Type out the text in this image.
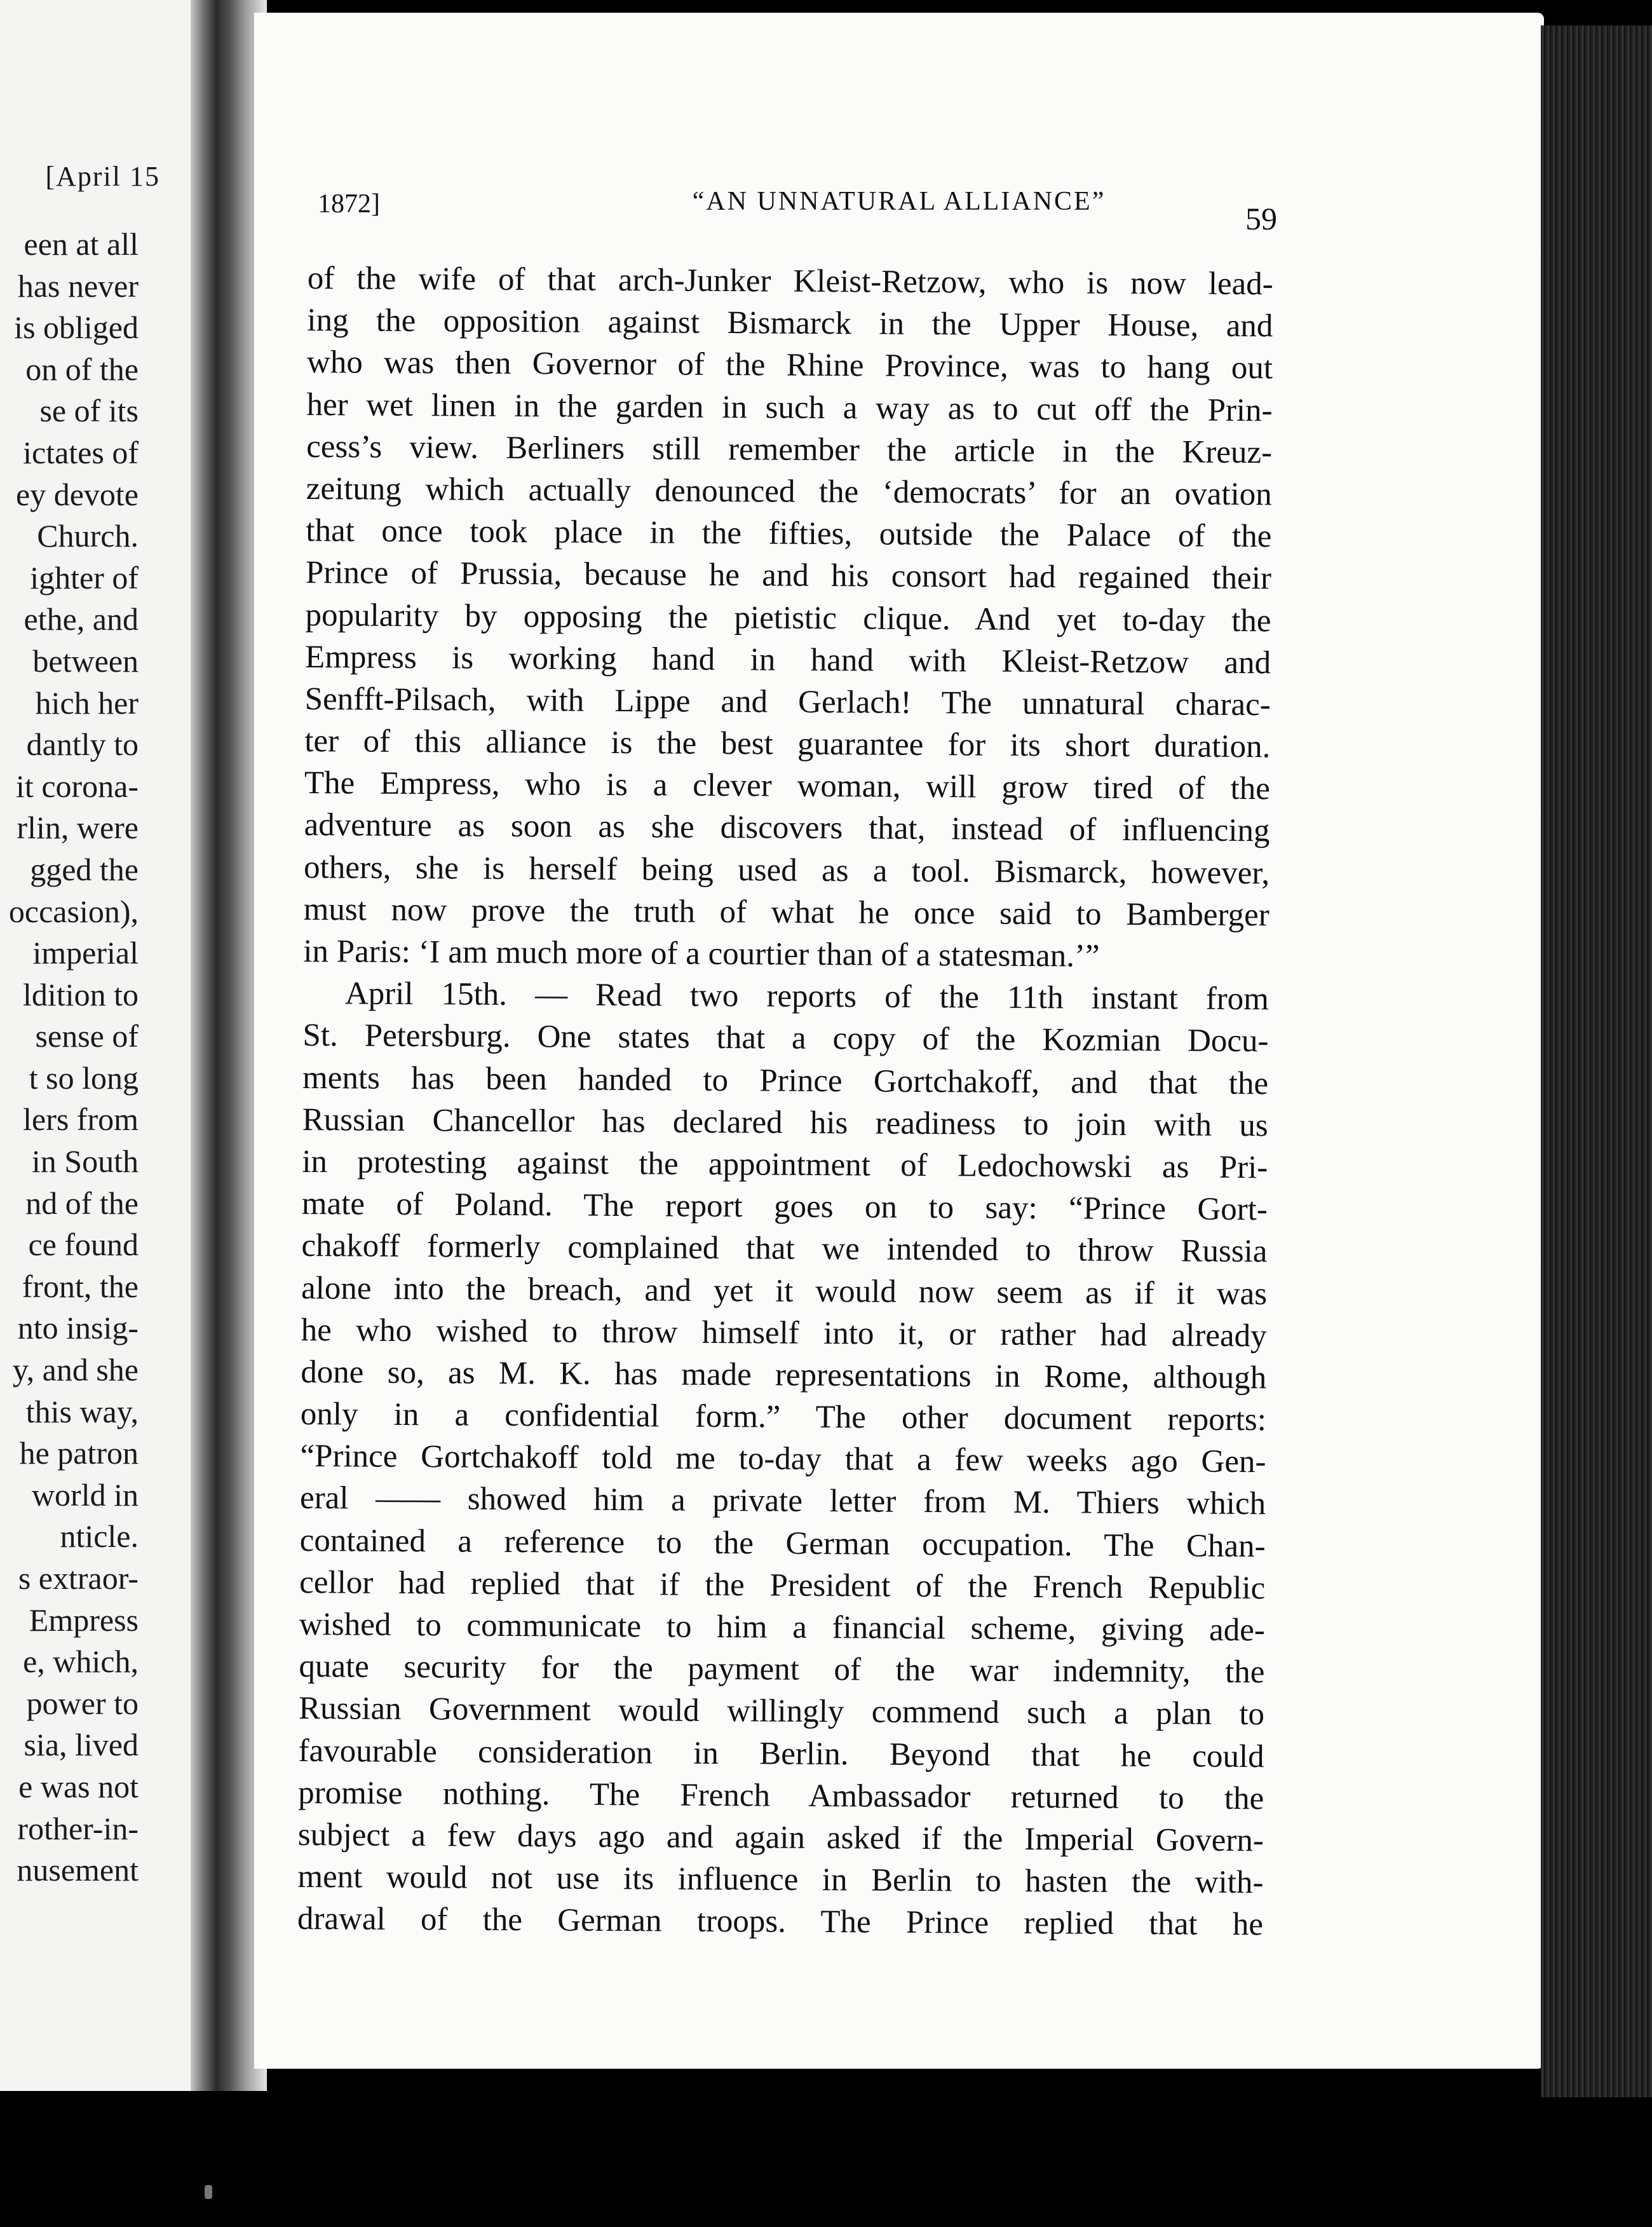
[April 15
een at all
has never
is obliged
on of the
se of its
ictates of
ey devote
Church.
ighter of
ethe, and
between
hich her
dantly to
it corona-
rlin, were
gged the
occasion),
imperial
ldition to
sense of
t so long
lers from
in South
nd of the
ce found
front, the
nto insig-
y, and she
this way,
he patron
world in
nticle.
s extraor-
Empress
e, which,
power to
sia, lived
e was not
rother-in-
nusement
1872]	“AN UNNATURAL ALLIANCE”	59
of the wife of that arch-Junker Kleist-Retzow, who is now lead-
ing the opposition against Bismarck in the Upper House, and
who was then Governor of the Rhine Province, was to hang out
her wet linen in the garden in such a way as to cut off the Prin-
cess’s view. Berliners still remember the article in the Kreuz-
zeitung which actually denounced the ‘democrats’ for an ovation
that once took place in the fifties, outside the Palace of the
Prince of Prussia, because he and his consort had regained their
popularity by opposing the pietistic clique. And yet to-day the
Empress is working hand in hand with Kleist-Retzow and
Senfft-Pilsach, with Lippe and Gerlach! The unnatural charac-
ter of this alliance is the best guarantee for its short duration.
The Empress, who is a clever woman, will grow tired of the
adventure as soon as she discovers that, instead of influencing
others, she is herself being used as a tool. Bismarck, however,
must now prove the truth of what he once said to Bamberger
in Paris: ‘I am much more of a courtier than of a statesman.’”
April 15th. — Read two reports of the 11th instant from
St. Petersburg. One states that a copy of the Kozmian Docu-
ments has been handed to Prince Gortchakoff, and that the
Russian Chancellor has declared his readiness to join with us
in protesting against the appointment of Ledochowski as Pri-
mate of Poland. The report goes on to say: “Prince Gort-
chakoff formerly complained that we intended to throw Russia
alone into the breach, and yet it would now seem as if it was
he who wished to throw himself into it, or rather had already
done so, as M. K. has made representations in Rome, although
only in a confidential form.” The other document reports:
“Prince Gortchakoff told me to-day that a few weeks ago Gen-
eral —— showed him a private letter from M. Thiers which
contained a reference to the German occupation. The Chan-
cellor had replied that if the President of the French Republic
wished to communicate to him a financial scheme, giving ade-
quate security for the payment of the war indemnity, the
Russian Government would willingly commend such a plan to
favourable consideration in Berlin. Beyond that he could
promise nothing. The French Ambassador returned to the
subject a few days ago and again asked if the Imperial Govern-
ment would not use its influence in Berlin to hasten the with-
drawal of the German troops. The Prince replied that he
